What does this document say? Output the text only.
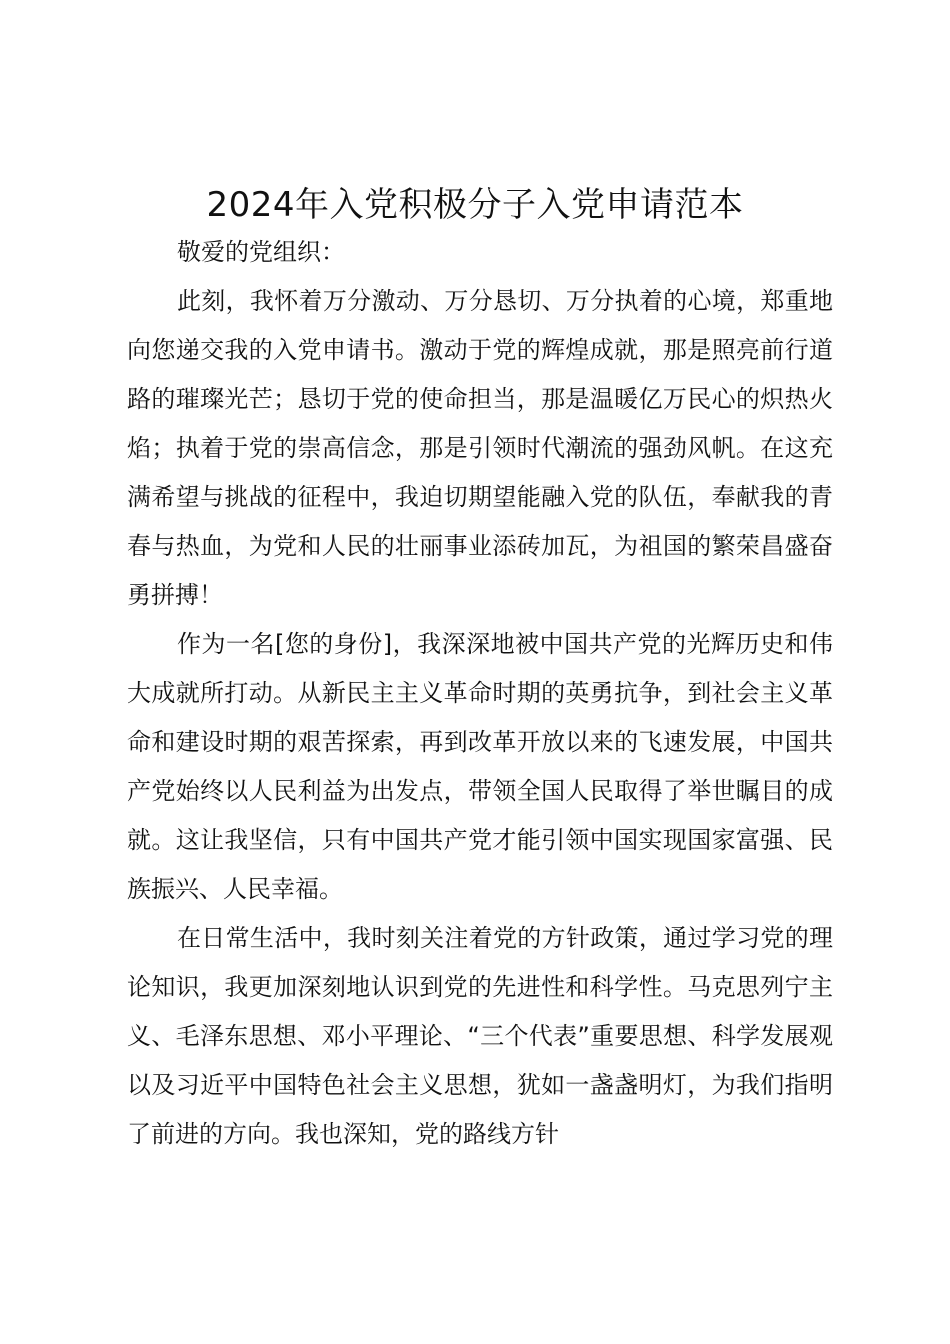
2024年入党积极分子入党申请范本

敬爱的党组织：

此刻，我怀着万分激动、万分恳切、万分执着的心境，郑重地向您递交我的入党申请书。激动于党的辉煌成就，那是照亮前行道路的璀璨光芒；恳切于党的使命担当，那是温暖亿万民心的炽热火焰；执着于党的崇高信念，那是引领时代潮流的强劲风帆。在这充满希望与挑战的征程中，我迫切期望能融入党的队伍，奉献我的青春与热血，为党和人民的壮丽事业添砖加瓦，为祖国的繁荣昌盛奋勇拼搏！

作为一名[您的身份]，我深深地被中国共产党的光辉历史和伟大成就所打动。从新民主主义革命时期的英勇抗争，到社会主义革命和建设时期的艰苦探索，再到改革开放以来的飞速发展，中国共产党始终以人民利益为出发点，带领全国人民取得了举世瞩目的成就。这让我坚信，只有中国共产党才能引领中国实现国家富强、民族振兴、人民幸福。

在日常生活中，我时刻关注着党的方针政策，通过学习党的理论知识，我更加深刻地认识到党的先进性和科学性。马克思列宁主义、毛泽东思想、邓小平理论、“三个代表”重要思想、科学发展观以及习近平中国特色社会主义思想，犹如一盏盏明灯，为我们指明了前进的方向。我也深知，党的路线方针
